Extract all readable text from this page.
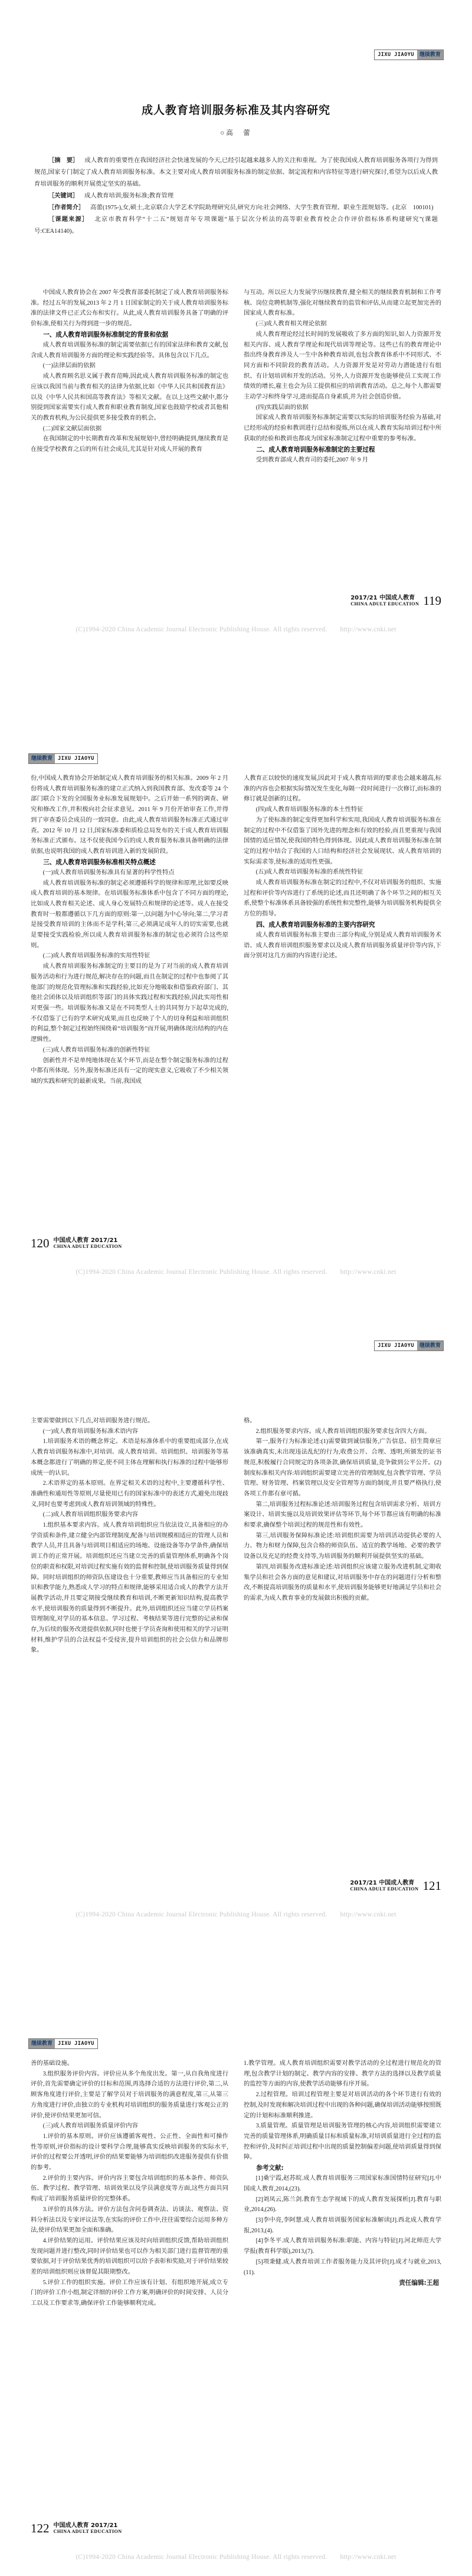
JIXU JIAOYU	继续教育
成人教育培训服务标准及其内容研究
○高　蕾

［摘　要］ 成人教育的重要性在我国经济社会快速发展的今天,已经引起越来越多人的关注和重视。为了使我国成人教育培训服务各项行为得到规范,国家专门制定了成人教育培训服务标准。本文主要对成人教育培训服务标准的制定依据、制定流程和内容特征等进行研究探讨,希望为以后成人教育培训服务的顺利开展奠定坚实的基础。

［关键词］ 成人教育培训;服务标准;教育管理

［作者简介］ 高蕾(1975-),女,硕士,北京联合大学艺术学院助理研究员,研究方向:社会网络、大学生教育管理、职业生涯规划等。(北京　100101)

［课题来源］ 北京市教育科学“十二五”规划青年专项课题“基于层次分析法的高等职业教育校企合作评价指标体系构建研究”(课题号:CEA14140)。

中国成人教育协会在 2007 年受教育部委托制定了成人教育培训服务标准。经过五年的发展,2013 年 2 月 1 日国家制定的关于成人教育培训服务标准的法律文件已正式公布和实行。从此,成人教育培训服务具备了明确的评价标准,使相关行为得到进一步的规范。

一、成人教育培训服务标准制定的背景和依据

成人教育培训服务标准的制定需要依据已有的国家法律和教育文献,包含成人教育培训服务方面的理论和实践经验等。具体包含以下几点。

(一)法律层面的依据

成人教育顾名思义属于教育范畴,因此成人教育培训服务标准的制定也应该以我国当前与教育相关的法律为依据,比如《中华人民共和国教育法》以及《中华人民共和国高等教育法》等相关文献。在以上这些文献中,都分别提到国家需要实行成人教育和职业教育制度,国家也鼓励学校或者其他相关的教育机构,为公民提供更多接受教育的机会。

(二)国家文献层面依据

在我国制定的中长期教育改革和发展规划中,曾经明确提到,继续教育是在接受学校教育之后的所有社会成员,尤其是针对成人开展的教育

与互动。所以应大力发展学历继续教育,健全相关的继续教育机制和工作考核、岗位竞聘机制等,强化对继续教育的监管和评估,从而建立起更加完善的国家成人教育标准。

(三)成人教育相关理论依据

成人教育理论经过长时间的发展吸收了多方面的知识,如人力资源开发相关内容、成人教育学理论和现代培训等理论等。这些已有的教育理论中指出终身教育涉及人一生中各种教育培训,也包含教育体系中不同形式、不同方面和不同阶段的教育活动。人力资源开发是对劳动力潜能进行有组织、有计划培训和开发的活动。另外,人力资源开发也能够使员工实现工作绩效的增长,雇主也会为员工提供相应的培训教育活动。总之,每个人都需要主动学习和终身学习,进而提高自身素质,并为社会创造价值。

(四)实践层面的依据

国家成人教育培训服务标准制定需要以实际的培训服务经验为基础,对已经形成的经验和教训进行总结和提炼,所以在成人教育实际培训过程中所获取的经验和教训也都成为国家标准制定过程中重要的参考标准。

二、成人教育培训服务标准制定的主要过程

受到教育部成人教育司的委托,2007 年 9 月

2017/21 中国成人教育
CHINA ADULT EDUCATION 119
(C)1994-2020 China Academic Journal Electronic Publishing House. All rights reserved. http://www.cnki.net
继续教育	JIXU JIAOYU

份,中国成人教育协会开始制定成人教育培训服务的相关标准。2009 年 2 月份将成人教育培训服务标准的建立正式纳入到我国教育部、发改委等 24 个部门联合下发的全国服务业标准发展规划中。之后开始一系列的调查、研究和修改工作,并积极向社会征求意见。2011 年 9 月份开始审查工作,并得到了审查委员会成员的一致同意。由此,成人教育培训服务标准正式通过审查。2012 年 10 月 12 日,国家标准委和质检总局发布的关于成人教育培训服务标准正式颁布。这不仅使我国今后的成人教育服务标准具备明确的法律依据,也说明我国的成人教育培训进入新的发展阶段。

三、成人教育培训服务标准相关特点概述
(一)成人教育培训服务标准具有显著的科学性特点

成人教育培训服务标准的制定必须遵循科学的规律和原理,比如要反映成人教育培训的基本规律。在培训服务标准体系中包含了不同方面的理论,比如成人教育相关论述、成人身心发展特点和规律的论述等。成人在接受教育时一般都遵循以下几方面的原则:第一,以问题为中心导向;第二,学习者是接受教育培训的主体而不是学科;第三,必须满足成年人的切实需要,也就是要接受实践检验,所以成人教育培训服务标准的制定也必须符合这些原则。

(二)成人教育培训服务标准的实用性特征

成人教育培训服务标准制定的主要目的是为了对当前的成人教育培训服务活动和行为进行规范,解决存在的问题,而且在制定的过程中也参阅了其他部门的规范化管理标准和实践经验,比如充分地吸取和借鉴政府部门、其他社会团体以及培训组织等部门的具体实践过程和实践经验,因此实用性相对更强一些。培训服务标准又是在不同类型人士的共同努力下起草完成的,不仅借鉴了已有的学术研究成果,而且也反映了个人的切身利益和培训组织的利益,整个制定过程始终围绕着“培训服务”而开展,明确体现出结构的内在逻辑性。

(三)成人教育培训服务标准的创新性特征

创新性并不是单纯地体现在某个环节,而是在整个制定服务标准的过程中都有所体现。另外,服务标准还具有一定的现实意义,它吸收了不少相关领域的实践和研究的最新成果。当前,我国成

人教育正以较快的速度发展,因此对于成人教育培训的要求也会越来越高,标准的内容也会根据实际情况发生变化,每隔一段时间进行一次修订,而标准的修订就是创新的过程。

(四)成人教育培训服务标准的本土性特征

为了使标准的制定变得更加科学和实用,我国成人教育培训服务标准在制定的过程中不仅借鉴了国外先进的理念和有效的经验,而且更重视与我国国情的适应情况,使我国的特色得到体现。因此成人教育培训服务标准在制定的过程中结合了我国的人口结构和经济社会发展现状、成人教育培训的实际需求等,使标准的适用性更强。

(五)成人教育培训服务标准的系统性特征

成人教育培训服务标准在制定的过程中,不仅对培训服务的组织、实施过程和评价等内容进行了系统的论述,而且还明确了各个环节之间的相互关系,使整个标准体系具备较强的系统性和完整性,能够为培训服务机构提供全方位的指导。

四、成人教育培训服务标准的主要内容研究

成人教育培训服务标准主要由三部分构成,分别是成人教育培训服务术语、成人教育培训组织服务要求以及成人教育培训服务质量评价等内容,下面分别对这几方面的内容进行论述。

120 中国成人教育 2017/21
CHINA ADULT EDUCATION
(C)1994-2020 China Academic Journal Electronic Publishing House. All rights reserved. http://www.cnki.net
JIXU JIAOYU	继续教育

主要需要做到以下几点,对培训服务进行规范。

(一)成人教育培训服务标准术语内容

1.培训服务术语的概念界定。术语是标准体系中的重要组成部分,在成人教育培训服务标准中,对培训、成人教育培训、培训组织、培训服务等基本概念都进行了明确的界定,使不同主体在理解和执行标准的过程中能够形成统一的认识。

2.术语界定的基本原则。在界定相关术语的过程中,主要遵循科学性、准确性和通用性等原则,尽量使用已有的国家标准中的表述方式,避免出现歧义,同时也要考虑到成人教育培训领域的特殊性。

(二)成人教育培训组织服务要求内容

1.组织基本要求内容。成人教育培训组织应当依法设立,具备相应的办学资质和条件,建立健全内部管理制度,配备与培训规模相适应的管理人员和教学人员,并且具备与培训项目相适应的场地、设施设备等办学条件,确保培训工作的正常开展。培训组织还应当建立完善的质量管理体系,明确各个岗位的职责和权限,对培训过程实施有效的监督和控制,使培训服务质量得到保障。同时培训组织的师资队伍建设也十分重要,教师应当具备相应的专业知识和教学能力,熟悉成人学习的特点和规律,能够采用适合成人的教学方法开展教学活动,并且要定期接受继续教育和培训,不断更新知识结构,提高教学水平,使培训服务的质量得到不断提升。此外,培训组织还应当建立学员档案管理制度,对学员的基本信息、学习过程、考核结果等进行完整的记录和保存,为后续的服务改进提供依据,同时也便于学员查询和使用相关的学习证明材料,维护学员的合法权益不受侵害,提升培训组织的社会公信力和品牌形象。

格。

2.组织服务要求内容。成人教育培训组织服务要求包含四大方面。

第一,服务行为标准论述:(1)需要做到诚信服务,广告信息、招生简章应该准确真实,未出现违法乱纪的行为,收费公开、合理、透明,所颁发的证书规范,积极履行合同规定的各项条款,确保培训质量,竞争做到公平公开。(2)制度标准相关内容:培训组织需要建立完善的管理制度,包含教学管理、学员管理、财务管理、档案管理以及安全管理等方面的制度,并且要严格执行,使各项工作都有章可循。

第二,培训服务过程标准论述:培训服务过程包含培训需求分析、培训方案设计、培训实施以及培训效果评估等环节,每个环节都应该有明确的标准和要求,确保整个培训过程的规范性和有效性。

第三,培训服务保障标准论述:培训组织需要为培训活动提供必要的人力、物力和财力保障,包含合格的师资队伍、适宜的教学场地、必要的教学设备以及充足的经费支持等,为培训服务的顺利开展提供坚实的基础。

第四,培训服务改进标准论述:培训组织应该建立服务改进机制,定期收集学员和社会各方面的意见和建议,对培训服务中存在的问题进行分析和整改,不断提高培训服务的质量和水平,使培训服务能够更好地满足学员和社会的需求,为成人教育事业的发展做出积极的贡献。

2017/21 中国成人教育
CHINA ADULT EDUCATION 121
(C)1994-2020 China Academic Journal Electronic Publishing House. All rights reserved. http://www.cnki.net
继续教育	JIXU JIAOYU

善的基础设施。

3.组织服务评价内容。评价应从多个角度出发。第一,从自我角度进行评价,首先需要确定评价的目标和范围,再选择合适的方法进行评价,第二,从顾客角度进行评价,主要是了解学员对于培训服务的满意程度,第三,从第三方角度进行评价,由独立的专业机构对培训组织的服务质量进行客观公正的评价,使评价结果更加可信。

(三)成人教育培训服务质量评价内容

1.评价的基本原则。评价应该遵循客观性、公正性、全面性和可操作性等原则,评价指标的设计要科学合理,能够真实反映培训服务的实际水平,评价的过程要公开透明,评价的结果要能够为培训组织改进服务提供有价值的参考。

2.评价的主要内容。评价内容主要包含培训组织的基本条件、师资队伍、教学过程、教学管理、培训效果以及学员满意度等方面,这些方面共同构成了培训服务质量评价的完整体系。

3.评价的具体方法。评价方法包含问卷调查法、访谈法、观察法、资料分析法以及专家评议法等,在实际的评价工作中,往往需要综合运用多种方法,使评价结果更加全面和准确。

4.评价结果的运用。评价结果应该及时向培训组织反馈,帮助培训组织发现问题并进行整改,同时评价结果也可以作为相关部门进行监督管理的重要依据,对于评价结果优秀的培训组织可以给予表彰和奖励,对于评价结果较差的培训组织则应该督促其限期整改。

5.评价工作的组织实施。评价工作应该有计划、有组织地开展,成立专门的评价工作小组,制定详细的评价工作方案,明确评价的时间安排、人员分工以及工作要求等,确保评价工作能够顺利完成。

1.教学管理。成人教育培训组织需要对教学活动的全过程进行规范化的管理,包含教学计划的制定、教学内容的安排、教学方法的选择以及教学质量的监控等方面的内容,使教学活动能够有序开展。

2.过程管理。培训过程管理主要是对培训活动的各个环节进行有效的控制,及时发现和解决培训过程中出现的各种问题,确保培训活动能够按照既定的计划和标准顺利推进。

3.质量管理。质量管理是培训服务管理的核心内容,培训组织需要建立完善的质量管理体系,明确质量目标和质量标准,对培训质量进行全过程的监控和评价,及时纠正培训过程中出现的质量控制偏差问题,使培训质量得到保障。

参考文献:

[1]桑宁霞,赵苏皖.成人教育培训服务三项国家标准国情特征研究[J].中国成人教育,2014,(23).

[2]刘凤云,陈兰剑.教育生态学视域下的成人教育发展探析[J].教育与职业,2014,(26).

[3]李中亮,李阿慧.成人教育培训服务国家标准解读[J].西北成人教育学报,2013,(4).

[4]李冬平.成人教育培训服务标准:职能、内容与特征[J].河北师范大学学报(教育科学版),2013,(7).

[5]项秉健.成人教育培训工作者服务能力及其评价[J].成才与就业,2013,(11).

责任编辑:王超

122 中国成人教育 2017/21
CHINA ADULT EDUCATION
(C)1994-2020 China Academic Journal Electronic Publishing House. All rights reserved. http://www.cnki.net
